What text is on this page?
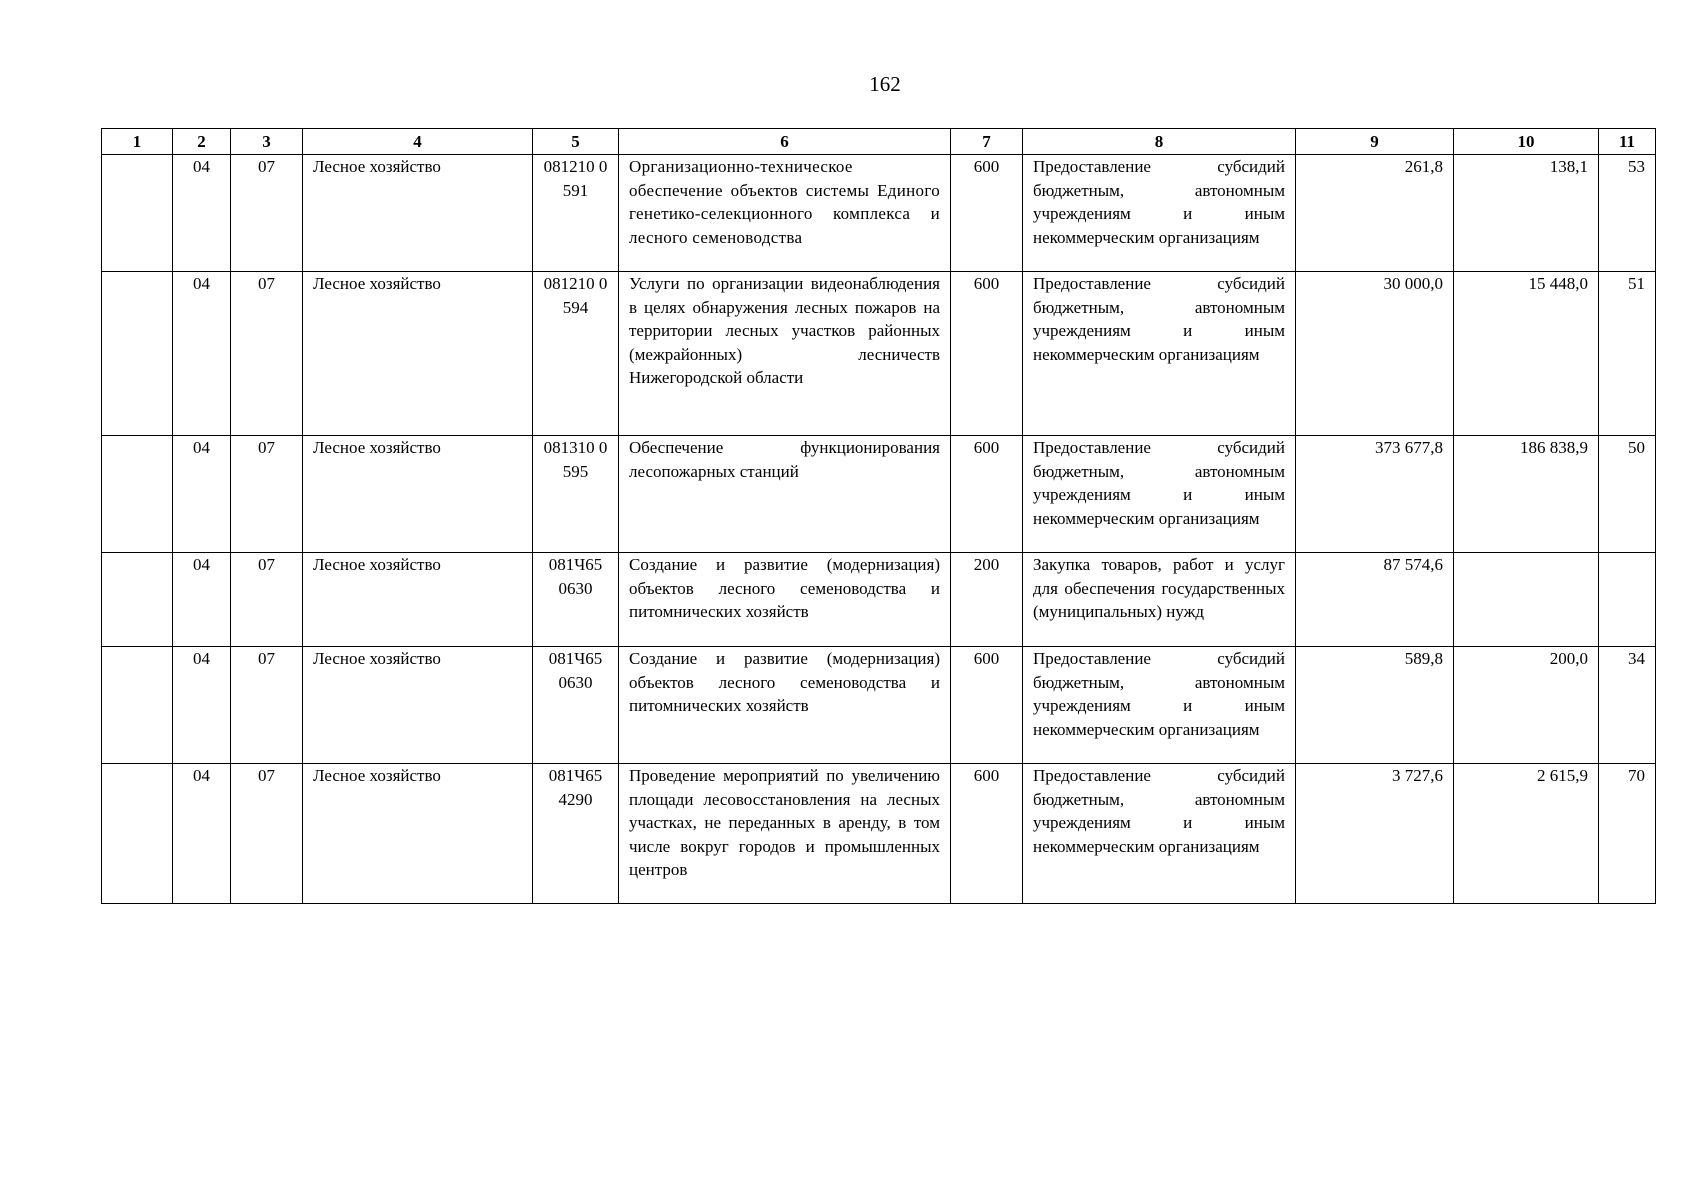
162
1	2	3	4	5	6	7	8	9	10	11
	04	07	Лесное хозяйство	081210 0591	Организационно-техническое обеспечение объектов системы Единого генетико-селекционного комплекса и лесного семеноводства	600	Предоставление субсидий бюджетным, автономным учреждениям и иным некоммерческим организациям	261,8	138,1	53
	04	07	Лесное хозяйство	081210 0594	Услуги по организации видеонаблюдения в целях обнаружения лесных пожаров на территории лесных участков районных (межрайонных) лесничеств Нижегородской области	600	Предоставление субсидий бюджетным, автономным учреждениям и иным некоммерческим организациям	30 000,0	15 448,0	51
	04	07	Лесное хозяйство	081310 0595	Обеспечение функционирования лесопожарных станций	600	Предоставление субсидий бюджетным, автономным учреждениям и иным некоммерческим организациям	373 677,8	186 838,9	50
	04	07	Лесное хозяйство	081Ч65 0630	Создание и развитие (модернизация) объектов лесного семеноводства и питомнических хозяйств	200	Закупка товаров, работ и услуг для обеспечения государственных (муниципальных) нужд	87 574,6		
	04	07	Лесное хозяйство	081Ч65 0630	Создание и развитие (модернизация) объектов лесного семеноводства и питомнических хозяйств	600	Предоставление субсидий бюджетным, автономным учреждениям и иным некоммерческим организациям	589,8	200,0	34
	04	07	Лесное хозяйство	081Ч65 4290	Проведение мероприятий по увеличению площади лесовосстановления на лесных участках, не переданных в аренду, в том числе вокруг городов и промышленных центров	600	Предоставление субсидий бюджетным, автономным учреждениям и иным некоммерческим организациям	3 727,6	2 615,9	70
